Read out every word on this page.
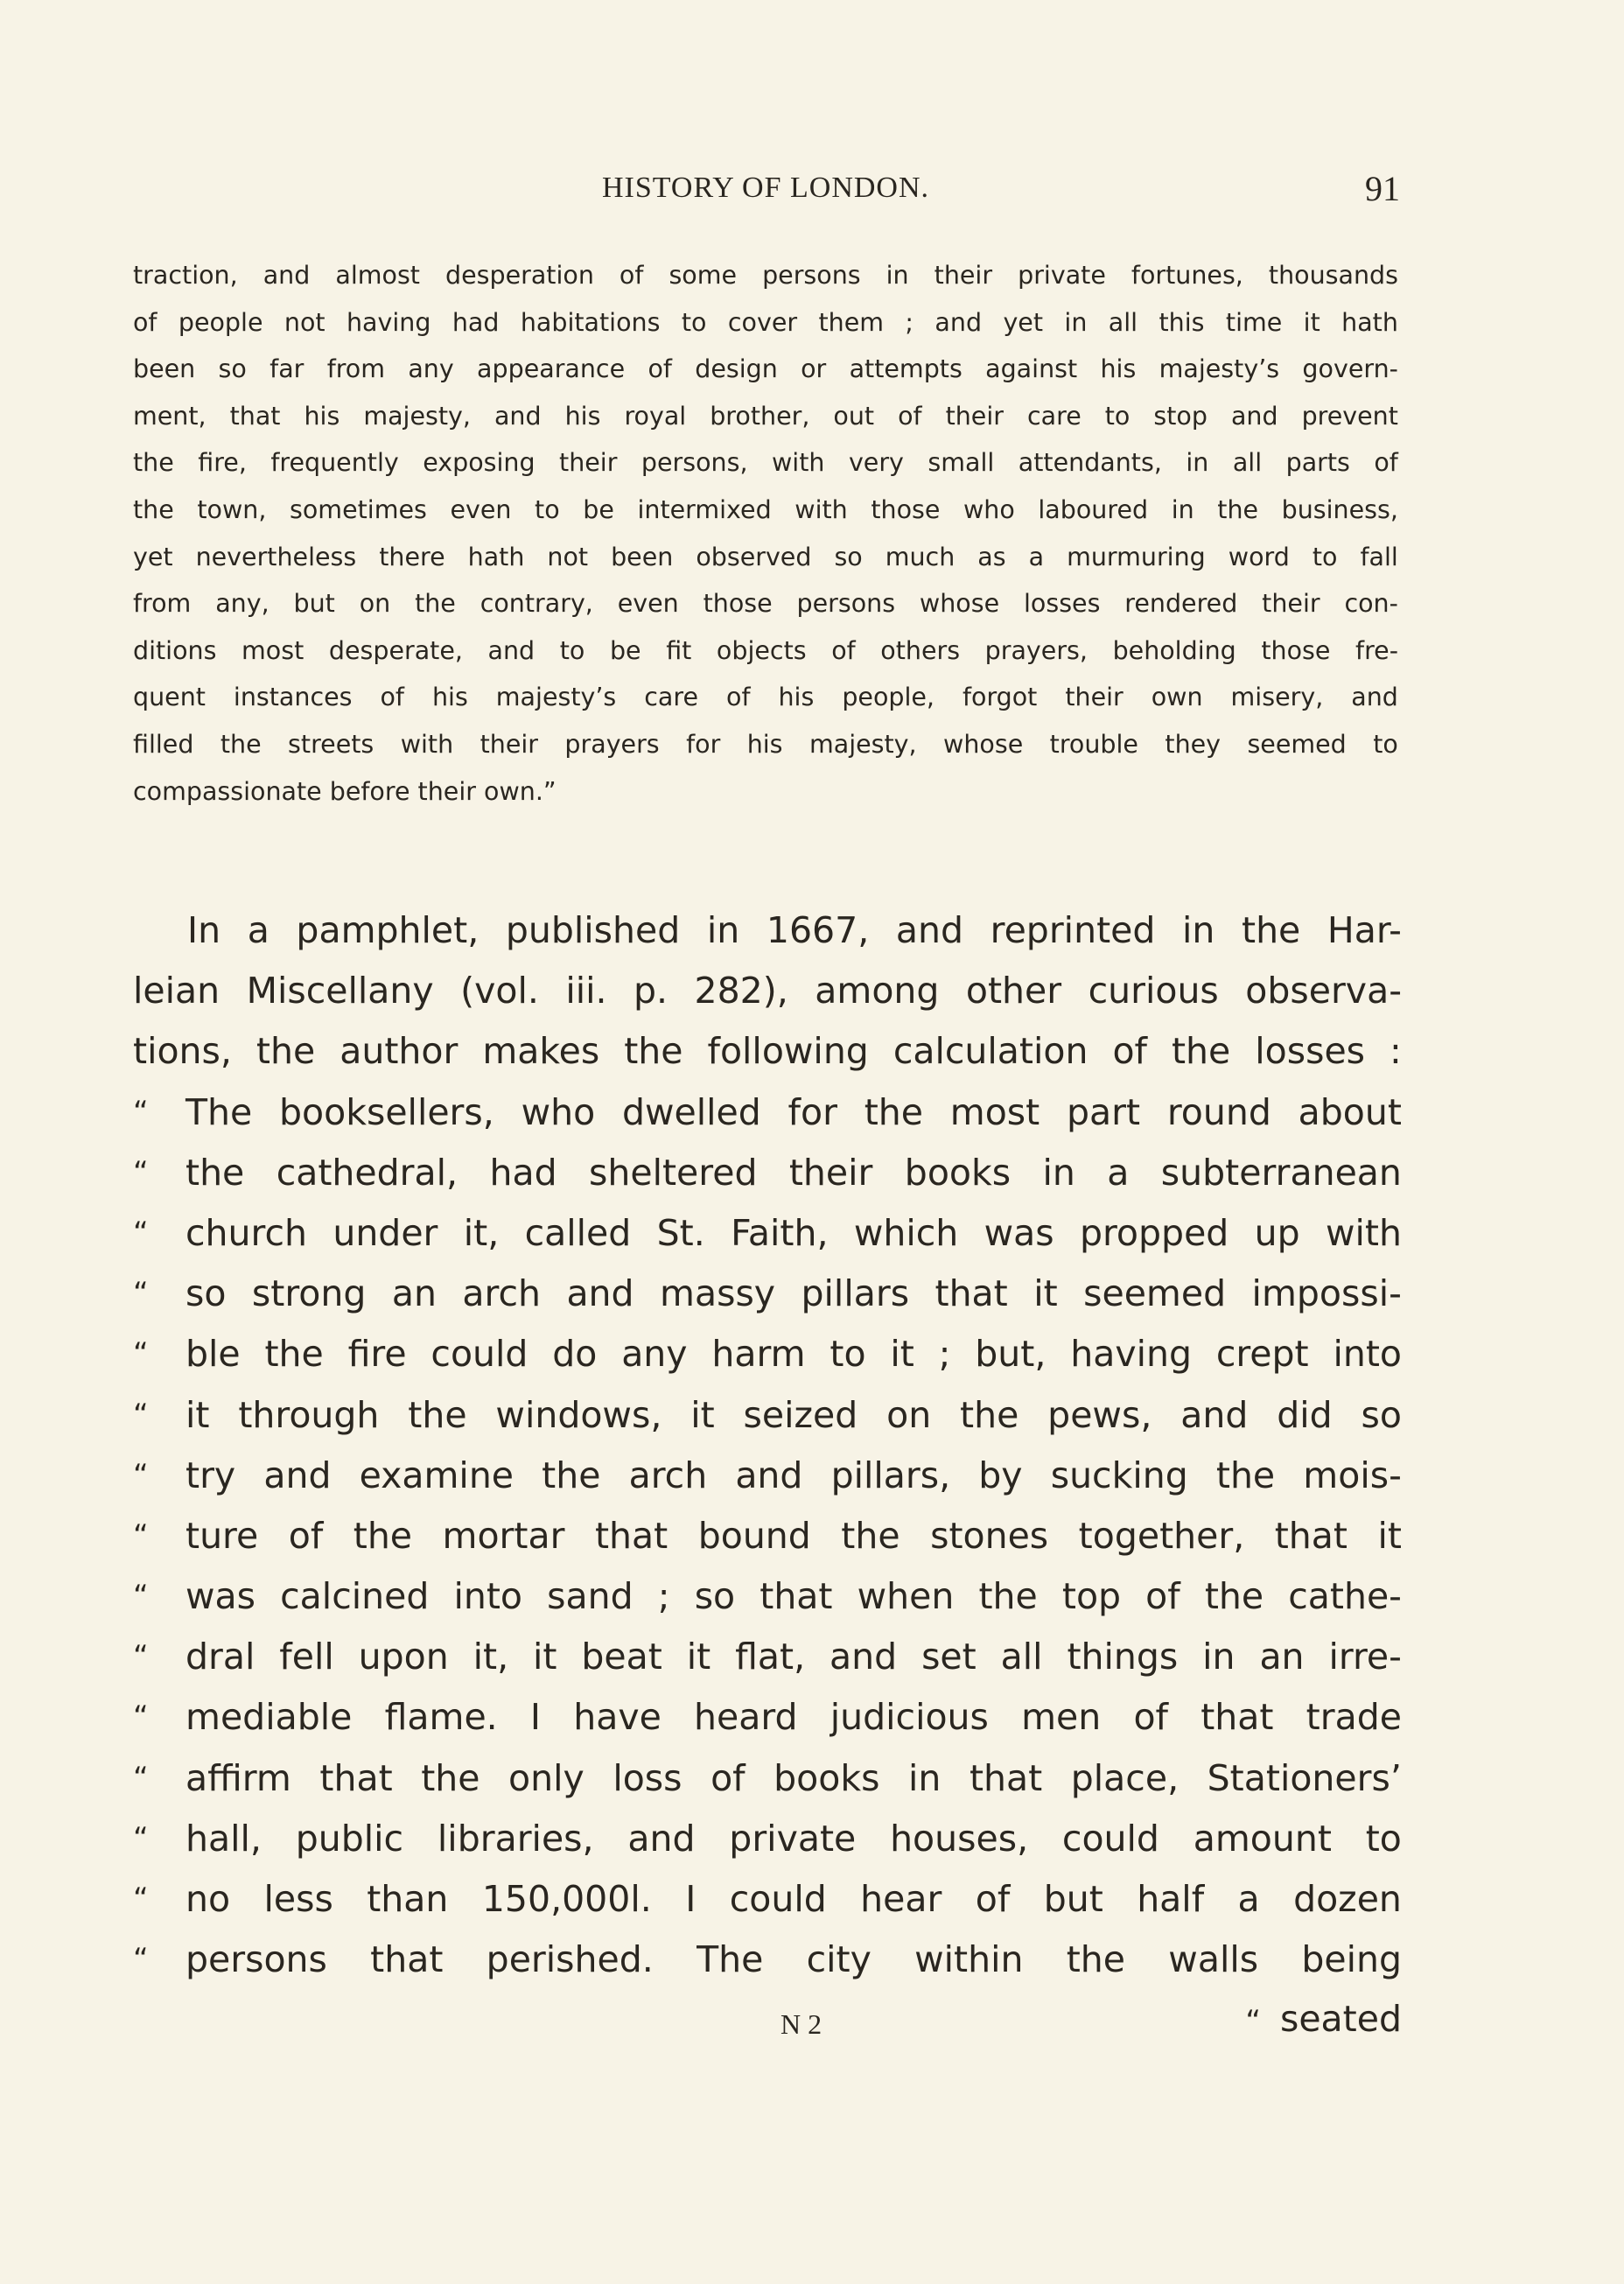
HISTORY OF LONDON.	91
traction, and almost desperation of some persons in their private fortunes, thousands
of people not having had habitations to cover them ; and yet in all this time it hath
been so far from any appearance of design or attempts against his majesty’s govern-
ment, that his majesty, and his royal brother, out of their care to stop and prevent
the fire, frequently exposing their persons, with very small attendants, in all parts of
the town, sometimes even to be intermixed with those who laboured in the business,
yet nevertheless there hath not been observed so much as a murmuring word to fall
from any, but on the contrary, even those persons whose losses rendered their con-
ditions most desperate, and to be fit objects of others prayers, beholding those fre-
quent instances of his majesty’s care of his people, forgot their own misery, and
filled the streets with their prayers for his majesty, whose trouble they seemed to
compassionate before their own.”
In a pamphlet, published in 1667, and reprinted in the Har-
leian Miscellany (vol. iii. p. 282), among other curious observa-
tions, the author makes the following calculation of the losses :
“	The booksellers, who dwelled for the most part round about
“	the cathedral, had sheltered their books in a subterranean
“	church under it, called St. Faith, which was propped up with
“	so strong an arch and massy pillars that it seemed impossi-
“	ble the fire could do any harm to it ; but, having crept into
“	it through the windows, it seized on the pews, and did so
“	try and examine the arch and pillars, by sucking the mois-
“	ture of the mortar that bound the stones together, that it
“	was calcined into sand ; so that when the top of the cathe-
“	dral fell upon it, it beat it flat, and set all things in an irre-
“	mediable flame. I have heard judicious men of that trade
“	affirm that the only loss of books in that place, Stationers’
“	hall, public libraries, and private houses, could amount to
“	no less than 150,000l. I could hear of but half a dozen
“	persons that perished. The city within the walls being
N 2	“ seated
